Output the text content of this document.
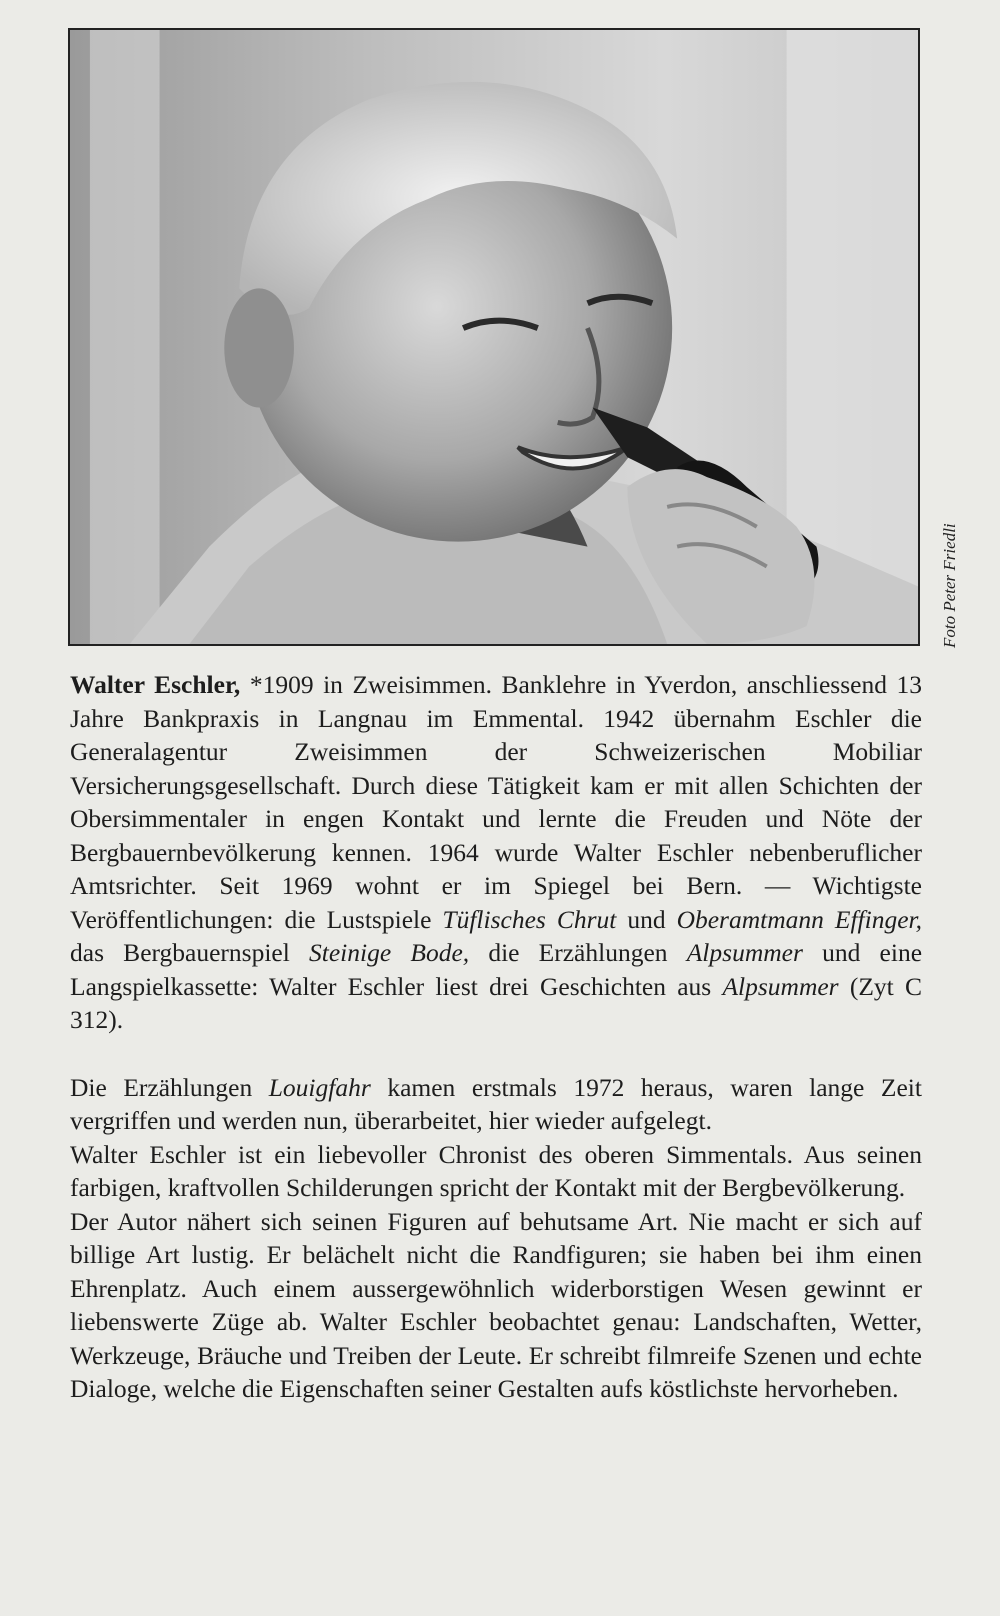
Foto Peter Friedli

Walter Eschler, *1909 in Zweisimmen. Banklehre in Yverdon, anschliessend 13 Jahre Bankpraxis in Langnau im Emmental. 1942 übernahm Eschler die Generalagentur Zweisimmen der Schweizerischen Mobiliar Versicherungsgesellschaft. Durch diese Tätigkeit kam er mit allen Schichten der Obersimmentaler in engen Kontakt und lernte die Freuden und Nöte der Bergbauernbevölkerung kennen. 1964 wurde Walter Eschler nebenberuflicher Amtsrichter. Seit 1969 wohnt er im Spiegel bei Bern. — Wichtigste Veröffentlichungen: die Lustspiele Tüflisches Chrut und Oberamtmann Effinger, das Bergbauernspiel Steinige Bode, die Erzählungen Alpsummer und eine Langspielkassette: Walter Eschler liest drei Geschichten aus Alpsummer (Zyt C 312).

Die Erzählungen Louigfahr kamen erstmals 1972 heraus, waren lange Zeit vergriffen und werden nun, überarbeitet, hier wieder aufgelegt.

Walter Eschler ist ein liebevoller Chronist des oberen Simmentals. Aus seinen farbigen, kraftvollen Schilderungen spricht der Kontakt mit der Bergbevölkerung.

Der Autor nähert sich seinen Figuren auf behutsame Art. Nie macht er sich auf billige Art lustig. Er belächelt nicht die Randfiguren; sie haben bei ihm einen Ehrenplatz. Auch einem aussergewöhnlich widerborstigen Wesen gewinnt er liebenswerte Züge ab. Walter Eschler beobachtet genau: Landschaften, Wetter, Werkzeuge, Bräuche und Treiben der Leute. Er schreibt filmreife Szenen und echte Dialoge, welche die Eigenschaften seiner Gestalten aufs köstlichste hervorheben.
